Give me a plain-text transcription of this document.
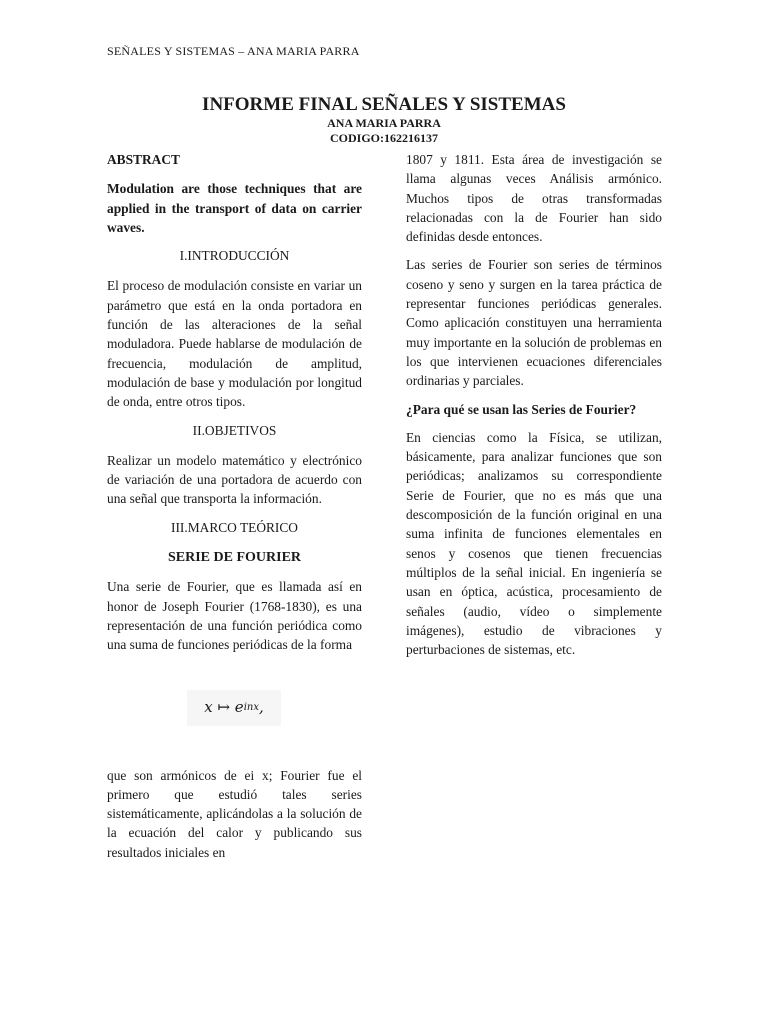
SEÑALES Y SISTEMAS – ANA MARIA PARRA
INFORME FINAL SEÑALES Y SISTEMAS
ANA MARIA PARRA
CODIGO:162216137
ABSTRACT

Modulation are those techniques that are applied in the transport of data on carrier waves.

I.INTRODUCCIÓN

El proceso de modulación consiste en variar un parámetro que está en la onda portadora en función de las alteraciones de la señal moduladora. Puede hablarse de modulación de frecuencia, modulación de amplitud, modulación de base y modulación por longitud de onda, entre otros tipos.

II.OBJETIVOS

Realizar un modelo matemático y electrónico de variación de una portadora de acuerdo con una señal que transporta la información.

III.MARCO TEÓRICO
SERIE DE FOURIER

Una serie de Fourier, que es llamada así en honor de Joseph Fourier (1768-1830), es una representación de una función periódica como una suma de funciones periódicas de la forma

x ↦ e inx ,

que son armónicos de ei x; Fourier fue el primero que estudió tales series sistemáticamente, aplicándolas a la solución de la ecuación del calor y publicando sus resultados iniciales en

1807 y 1811. Esta área de investigación se llama algunas veces Análisis armónico. Muchos tipos de otras transformadas relacionadas con la de Fourier han sido definidas desde entonces.

Las series de Fourier son series de términos coseno y seno y surgen en la tarea práctica de representar funciones periódicas generales. Como aplicación constituyen una herramienta muy importante en la solución de problemas en los que intervienen ecuaciones diferenciales ordinarias y parciales.

¿Para qué se usan las Series de Fourier?

En ciencias como la Física, se utilizan, básicamente, para analizar funciones que son periódicas; analizamos su correspondiente Serie de Fourier, que no es más que una descomposición de la función original en una suma infinita de funciones elementales en senos y cosenos que tienen frecuencias múltiplos de la señal inicial. En ingeniería se usan en óptica, acústica, procesamiento de señales (audio, vídeo o simplemente imágenes), estudio de vibraciones y perturbaciones de sistemas, etc.
